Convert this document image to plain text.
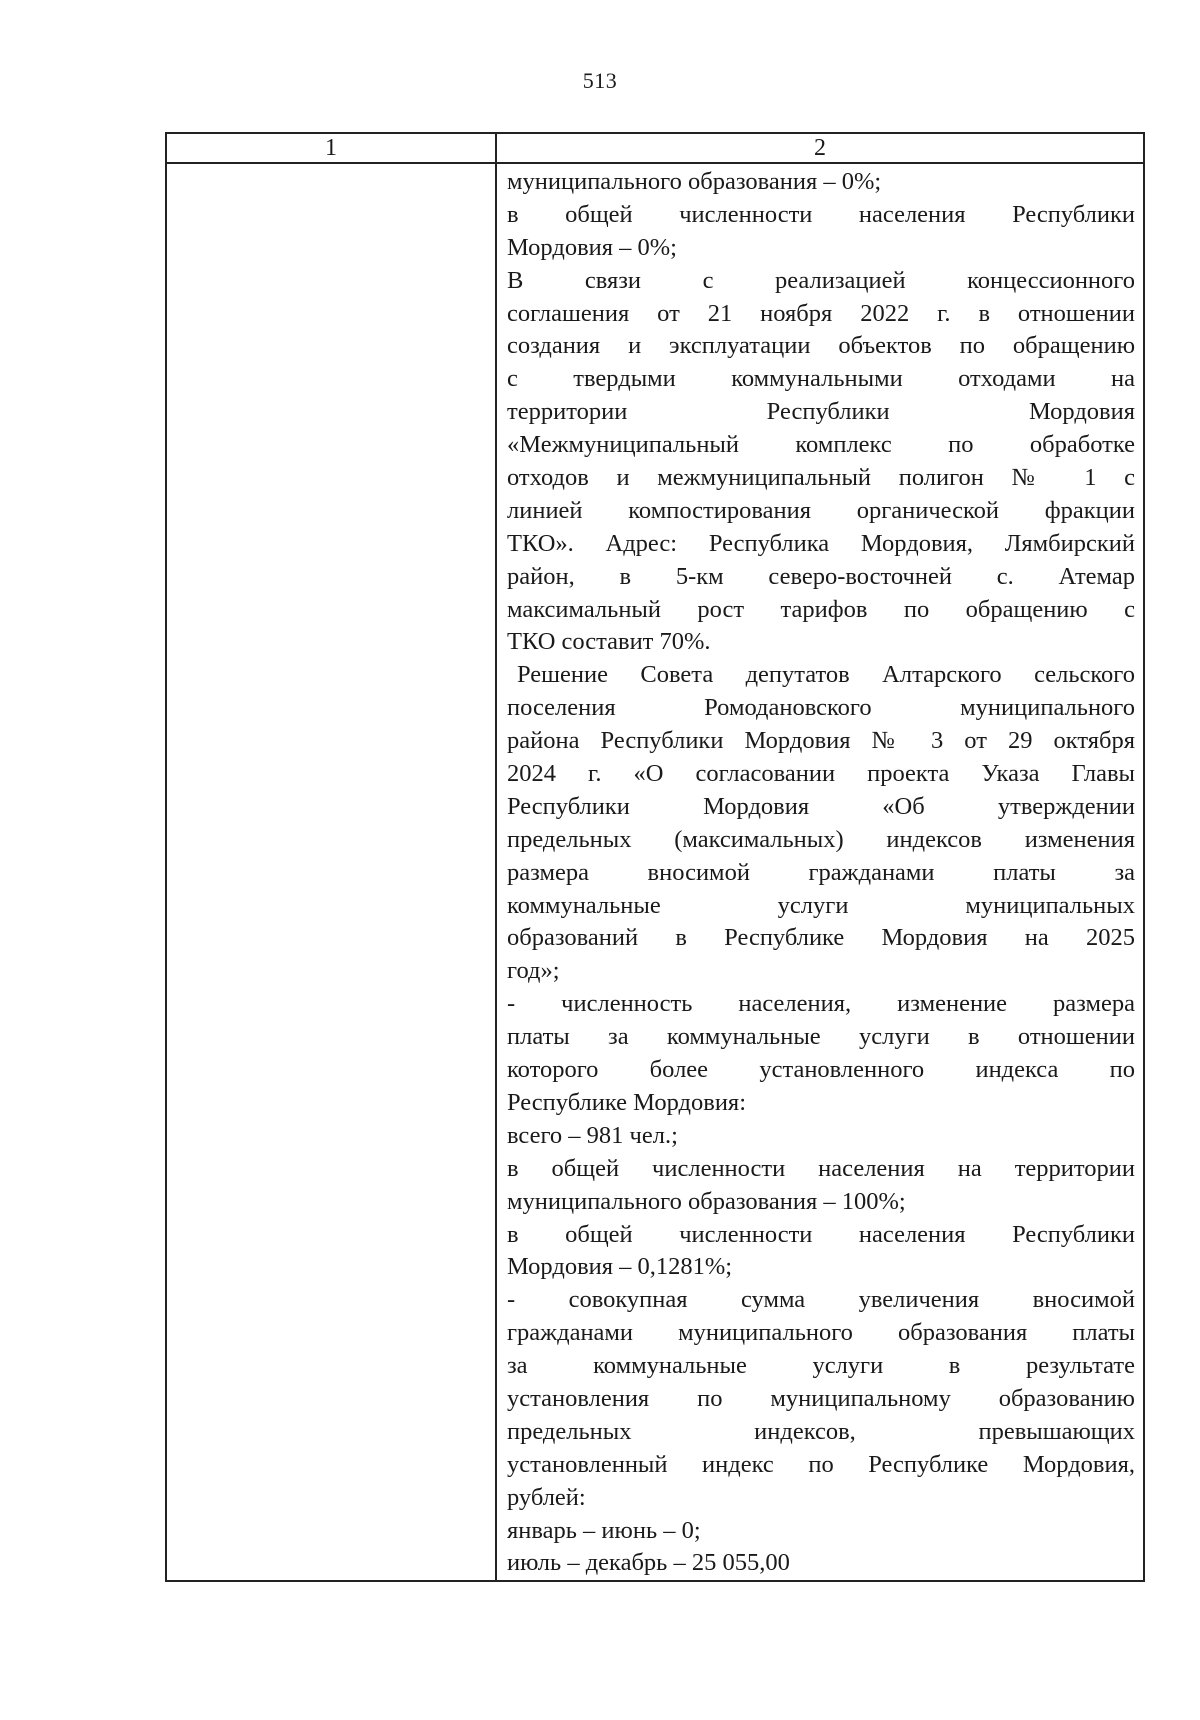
513
1	2
муниципального образования – 0%;
в общей численности населения Республики
Мордовия – 0%;
В связи с реализацией концессионного
соглашения от 21 ноября 2022 г. в отношении
создания и эксплуатации объектов по обращению
с твердыми коммунальными отходами на
территории Республики Мордовия
«Межмуниципальный комплекс по обработке
отходов и межмуниципальный полигон № 1 с
линией компостирования органической фракции
ТКО». Адрес: Республика Мордовия, Лямбирский
район, в 5-км северо-восточней с. Атемар
максимальный рост тарифов по обращению с
ТКО составит 70%.
Решение Совета депутатов Алтарского сельского
поселения Ромодановского муниципального
района Республики Мордовия № 3 от 29 октября
2024 г. «О согласовании проекта Указа Главы
Республики Мордовия «Об утверждении
предельных (максимальных) индексов изменения
размера вносимой гражданами платы за
коммунальные услуги муниципальных
образований в Республике Мордовия на 2025
год»;
- численность населения, изменение размера
платы за коммунальные услуги в отношении
которого более установленного индекса по
Республике Мордовия:
всего – 981 чел.;
в общей численности населения на территории
муниципального образования – 100%;
в общей численности населения Республики
Мордовия – 0,1281%;
- совокупная сумма увеличения вносимой
гражданами муниципального образования платы
за коммунальные услуги в результате
установления по муниципальному образованию
предельных индексов, превышающих
установленный индекс по Республике Мордовия,
рублей:
январь – июнь – 0;
июль – декабрь – 25 055,00
